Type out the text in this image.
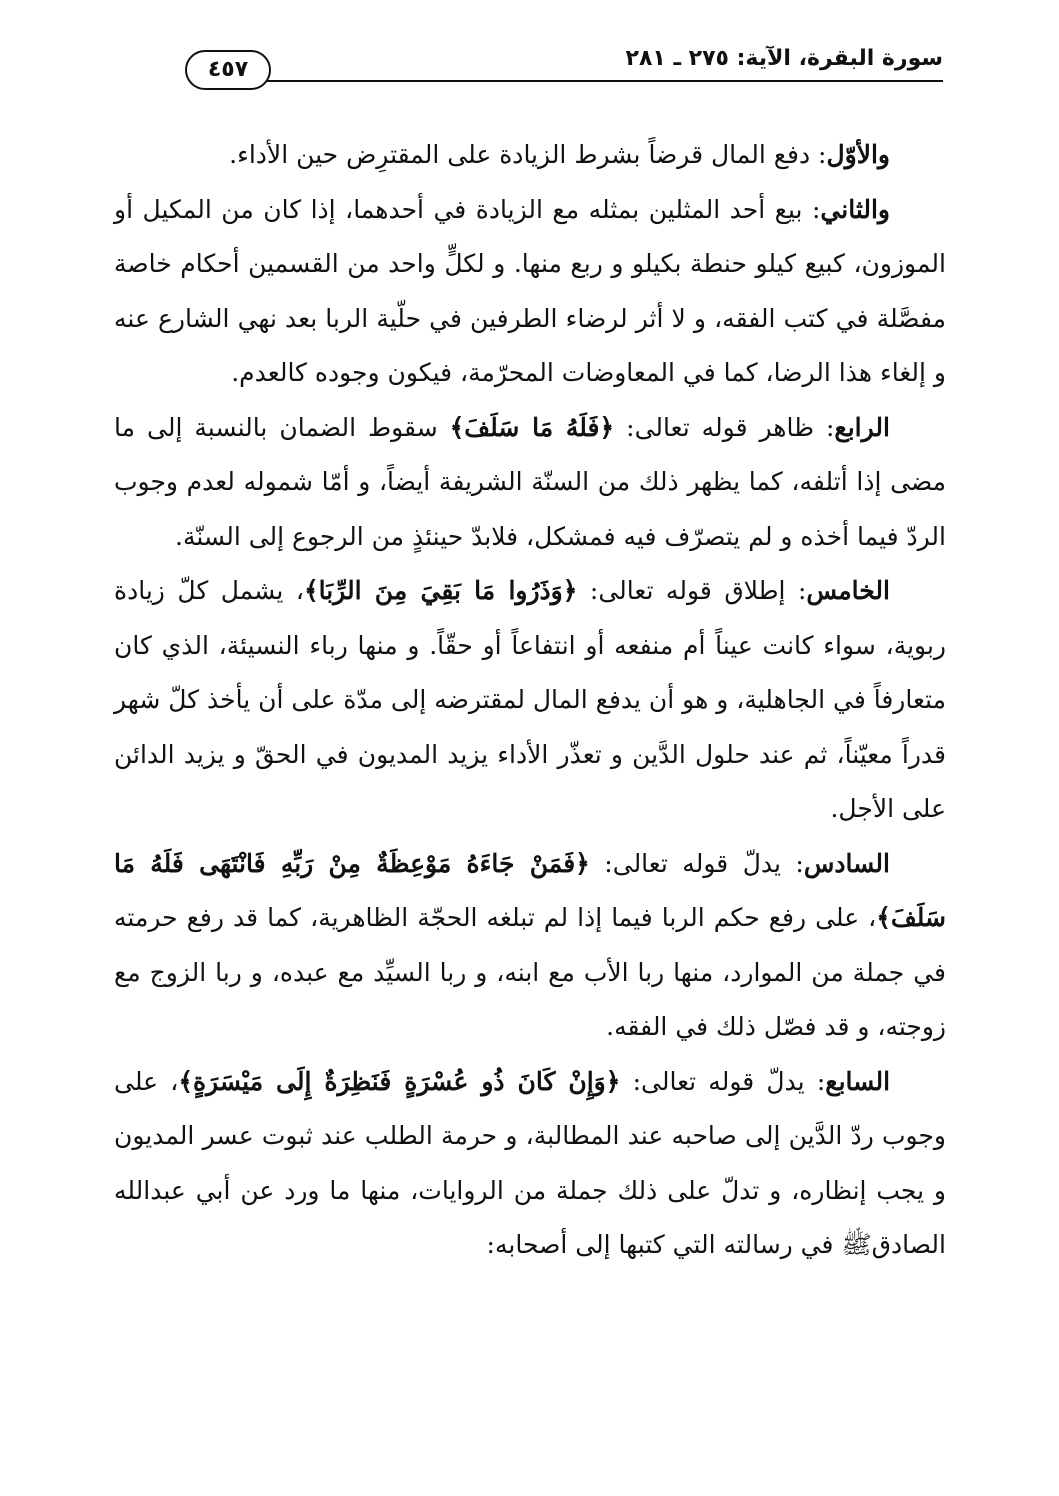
سورة البقرة، الآية: ٢٧٥ ـ ٢٨١
٤٥٧

والأوّل: دفع المال قرضاً بشرط الزيادة على المقترِض حين الأداء.

والثاني: بيع أحد المثلين بمثله مع الزيادة في أحدهما، إذا كان من المكيل أو الموزون، كبيع كيلو حنطة بكيلو و ربع منها. و لكلٍّ واحد من القسمين أحكام خاصة مفصَّلة في كتب الفقه، و لا أثر لرضاء الطرفين في حلّية الربا بعد نهي الشارع عنه و إلغاء هذا الرضا، كما في المعاوضات المحرّمة، فيكون وجوده كالعدم.

الرابع: ظاهر قوله تعالى: ﴿فَلَهُ مَا سَلَفَ﴾ سقوط الضمان بالنسبة إلى ما مضى إذا أتلفه، كما يظهر ذلك من السنّة الشريفة أيضاً، و أمّا شموله لعدم وجوب الردّ فيما أخذه و لم يتصرّف فيه فمشكل، فلابدّ حينئذٍ من الرجوع إلى السنّة.

الخامس: إطلاق قوله تعالى: ﴿وَذَرُوا مَا بَقِيَ مِنَ الرِّبَا﴾، يشمل كلّ زيادة ربوية، سواء كانت عيناً أم منفعه أو انتفاعاً أو حقّاً. و منها رباء النسيئة، الذي كان متعارفاً في الجاهلية، و هو أن يدفع المال لمقترضه إلى مدّة على أن يأخذ كلّ شهر قدراً معيّناً، ثم عند حلول الدَّين و تعذّر الأداء يزيد المديون في الحقّ و يزيد الدائن على الأجل.

السادس: يدلّ قوله تعالى: ﴿فَمَنْ جَاءَهُ مَوْعِظَةٌ مِنْ رَبِّهِ فَانْتَهَى فَلَهُ مَا سَلَفَ﴾، على رفع حكم الربا فيما إذا لم تبلغه الحجّة الظاهرية، كما قد رفع حرمته في جملة من الموارد، منها ربا الأب مع ابنه، و ربا السيِّد مع عبده، و ربا الزوج مع زوجته، و قد فصّل ذلك في الفقه.

السابع: يدلّ قوله تعالى: ﴿وَإِنْ كَانَ ذُو عُسْرَةٍ فَنَظِرَةٌ إِلَى مَيْسَرَةٍ﴾، على وجوب ردّ الدَّين إلى صاحبه عند المطالبة، و حرمة الطلب عند ثبوت عسر المديون و يجب إنظاره، و تدلّ على ذلك جملة من الروايات، منها ما ورد عن أبي عبدالله الصادقﷺ في رسالته التي كتبها إلى أصحابه:
